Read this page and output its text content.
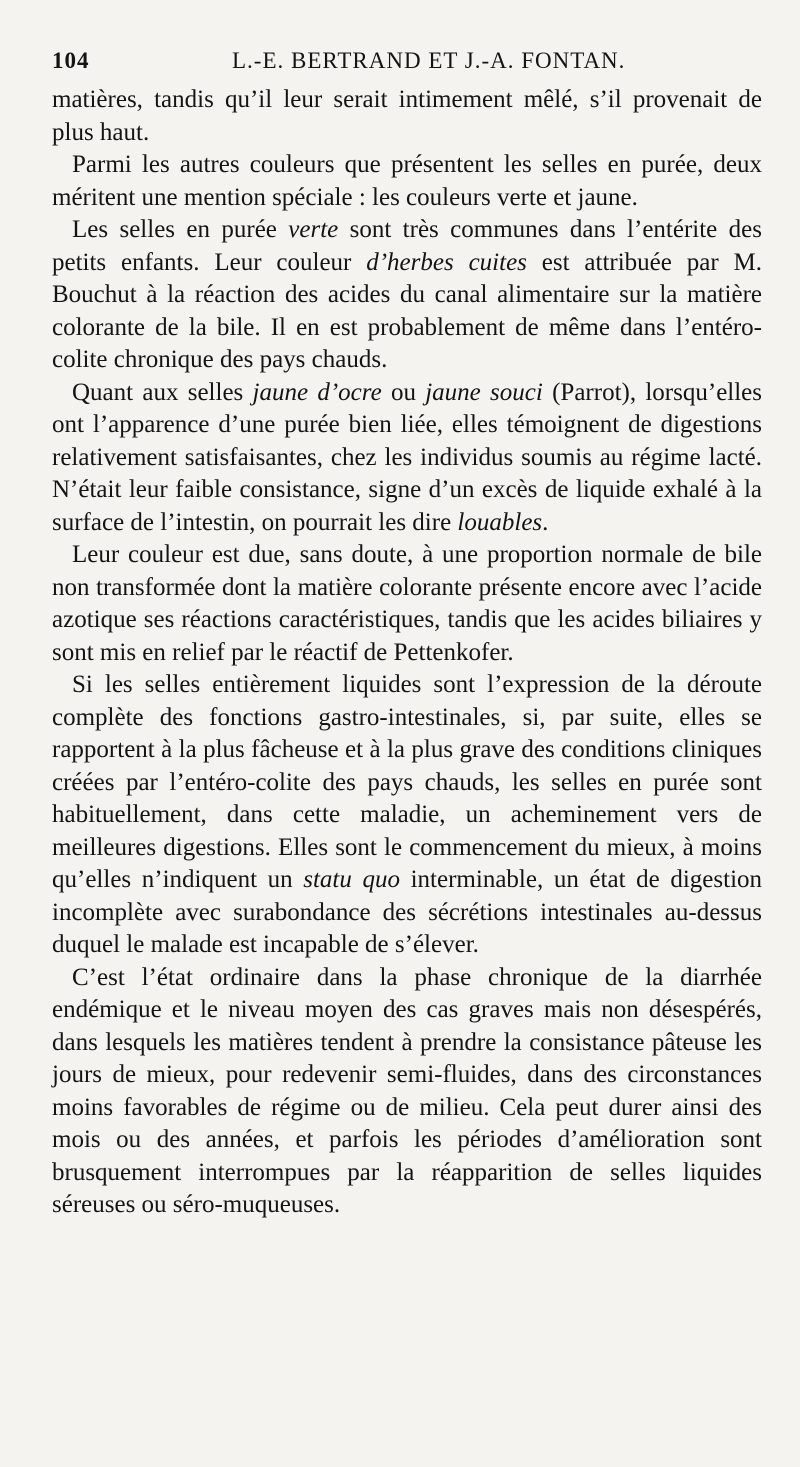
104	L.-E. BERTRAND ET J.-A. FONTAN.

matières, tandis qu’il leur serait intimement mêlé, s’il provenait de plus haut.

Parmi les autres couleurs que présentent les selles en purée, deux méritent une mention spéciale : les couleurs verte et jaune.

Les selles en purée verte sont très communes dans l’entérite des petits enfants. Leur couleur d’herbes cuites est attribuée par M. Bouchut à la réaction des acides du canal alimentaire sur la matière colorante de la bile. Il en est probablement de même dans l’entéro-colite chronique des pays chauds.

Quant aux selles jaune d’ocre ou jaune souci (Parrot), lorsqu’elles ont l’apparence d’une purée bien liée, elles témoignent de digestions relativement satisfaisantes, chez les individus soumis au régime lacté. N’était leur faible consistance, signe d’un excès de liquide exhalé à la surface de l’intestin, on pourrait les dire louables.

Leur couleur est due, sans doute, à une proportion normale de bile non transformée dont la matière colorante présente encore avec l’acide azotique ses réactions caractéristiques, tandis que les acides biliaires y sont mis en relief par le réactif de Pettenkofer.

Si les selles entièrement liquides sont l’expression de la déroute complète des fonctions gastro-intestinales, si, par suite, elles se rapportent à la plus fâcheuse et à la plus grave des conditions cliniques créées par l’entéro-colite des pays chauds, les selles en purée sont habituellement, dans cette maladie, un acheminement vers de meilleures digestions. Elles sont le commencement du mieux, à moins qu’elles n’indiquent un statu quo interminable, un état de digestion incomplète avec surabondance des sécrétions intestinales au-dessus duquel le malade est incapable de s’élever.

C’est l’état ordinaire dans la phase chronique de la diarrhée endémique et le niveau moyen des cas graves mais non désespérés, dans lesquels les matières tendent à prendre la consistance pâteuse les jours de mieux, pour redevenir semi-fluides, dans des circonstances moins favorables de régime ou de milieu. Cela peut durer ainsi des mois ou des années, et parfois les périodes d’amélioration sont brusquement interrompues par la réapparition de selles liquides séreuses ou séro-muqueuses.
